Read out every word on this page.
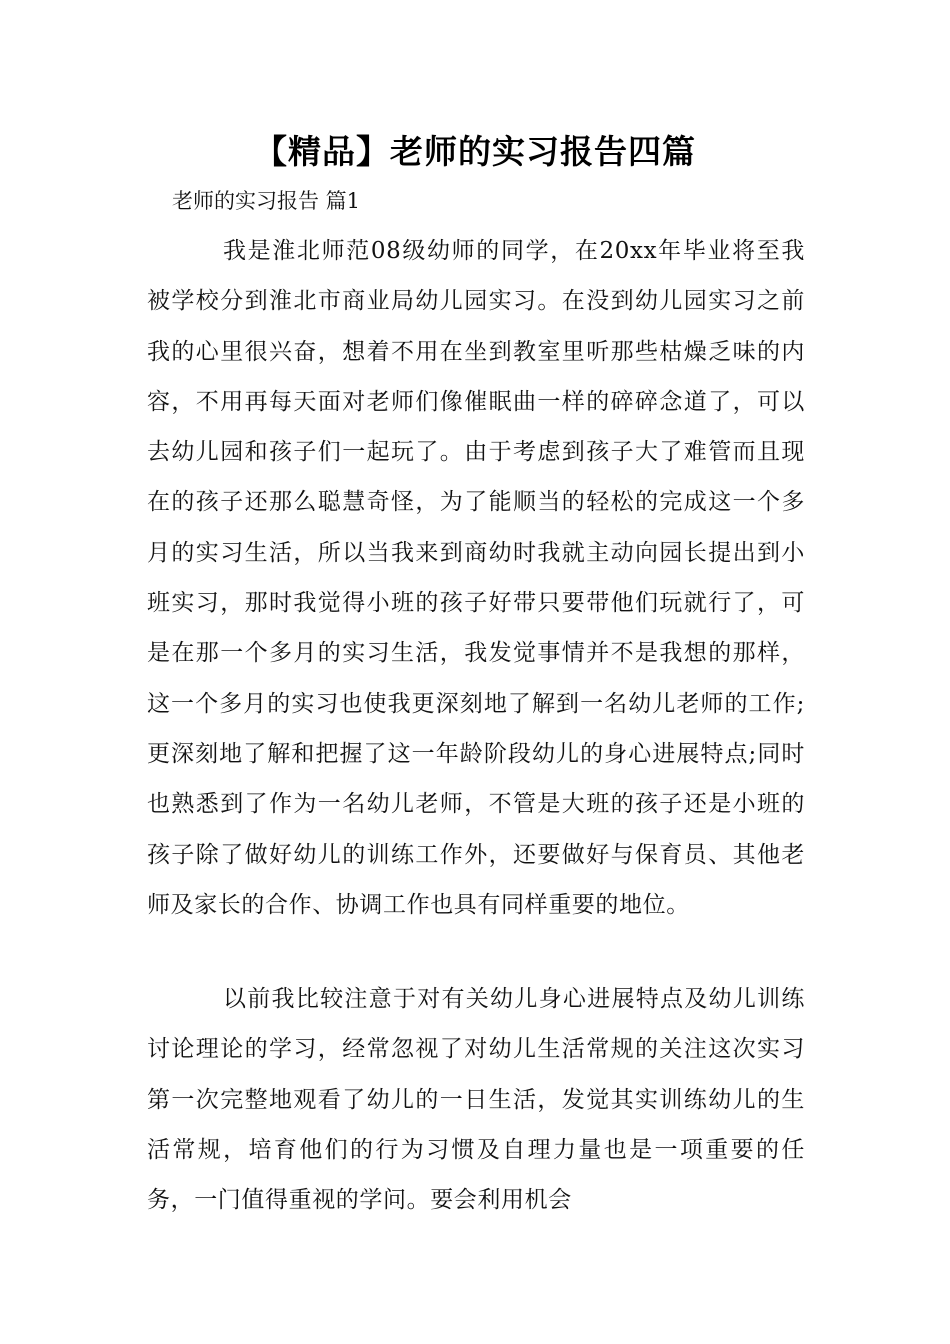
【精品】老师的实习报告四篇
老师的实习报告 篇1

我是淮北师范08级幼师的同学，在20xx年毕业将至我被学校分到淮北市商业局幼儿园实习。在没到幼儿园实习之前我的心里很兴奋，想着不用在坐到教室里听那些枯燥乏味的内容，不用再每天面对老师们像催眠曲一样的碎碎念道了，可以去幼儿园和孩子们一起玩了。由于考虑到孩子大了难管而且现在的孩子还那么聪慧奇怪，为了能顺当的轻松的完成这一个多月的实习生活，所以当我来到商幼时我就主动向园长提出到小班实习，那时我觉得小班的孩子好带只要带他们玩就行了，可是在那一个多月的实习生活，我发觉事情并不是我想的那样，这一个多月的实习也使我更深刻地了解到一名幼儿老师的工作;更深刻地了解和把握了这一年龄阶段幼儿的身心进展特点;同时也熟悉到了作为一名幼儿老师，不管是大班的孩子还是小班的孩子除了做好幼儿的训练工作外，还要做好与保育员、其他老师及家长的合作、协调工作也具有同样重要的地位。

以前我比较注意于对有关幼儿身心进展特点及幼儿训练讨论理论的学习，经常忽视了对幼儿生活常规的关注这次实习第一次完整地观看了幼儿的一日生活，发觉其实训练幼儿的生活常规，培育他们的行为习惯及自理力量也是一项重要的任务，一门值得重视的学问。要会利用机会
